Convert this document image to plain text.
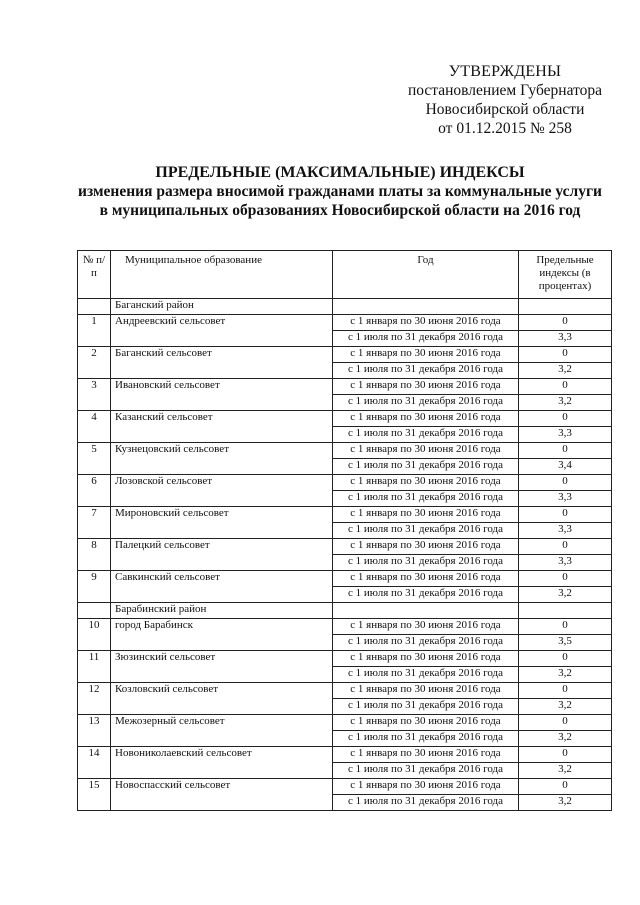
УТВЕРЖДЕНЫ
постановлением Губернатора
Новосибирской области
от 01.12.2015 № 258
ПРЕДЕЛЬНЫЕ (МАКСИМАЛЬНЫЕ) ИНДЕКСЫ
изменения размера вносимой гражданами платы за коммунальные услуги
в муниципальных образованиях Новосибирской области на 2016 год
№ п/п	Муниципальное образование	Год	Предельные индексы (в процентах)
	Баганский район		
1	Андреевский сельсовет	с 1 января по 30 июня 2016 года	0
		с 1 июля по 31 декабря 2016 года	3,3
2	Баганский сельсовет	с 1 января по 30 июня 2016 года	0
		с 1 июля по 31 декабря 2016 года	3,2
3	Ивановский сельсовет	с 1 января по 30 июня 2016 года	0
		с 1 июля по 31 декабря 2016 года	3,2
4	Казанский сельсовет	с 1 января по 30 июня 2016 года	0
		с 1 июля по 31 декабря 2016 года	3,3
5	Кузнецовский сельсовет	с 1 января по 30 июня 2016 года	0
		с 1 июля по 31 декабря 2016 года	3,4
6	Лозовской сельсовет	с 1 января по 30 июня 2016 года	0
		с 1 июля по 31 декабря 2016 года	3,3
7	Мироновский сельсовет	с 1 января по 30 июня 2016 года	0
		с 1 июля по 31 декабря 2016 года	3,3
8	Палецкий сельсовет	с 1 января по 30 июня 2016 года	0
		с 1 июля по 31 декабря 2016 года	3,3
9	Савкинский сельсовет	с 1 января по 30 июня 2016 года	0
		с 1 июля по 31 декабря 2016 года	3,2
	Барабинский район		
10	город Барабинск	с 1 января по 30 июня 2016 года	0
		с 1 июля по 31 декабря 2016 года	3,5
11	Зюзинский сельсовет	с 1 января по 30 июня 2016 года	0
		с 1 июля по 31 декабря 2016 года	3,2
12	Козловский сельсовет	с 1 января по 30 июня 2016 года	0
		с 1 июля по 31 декабря 2016 года	3,2
13	Межозерный сельсовет	с 1 января по 30 июня 2016 года	0
		с 1 июля по 31 декабря 2016 года	3,2
14	Новониколаевский сельсовет	с 1 января по 30 июня 2016 года	0
		с 1 июля по 31 декабря 2016 года	3,2
15	Новоспасский сельсовет	с 1 января по 30 июня 2016 года	0
		с 1 июля по 31 декабря 2016 года	3,2
